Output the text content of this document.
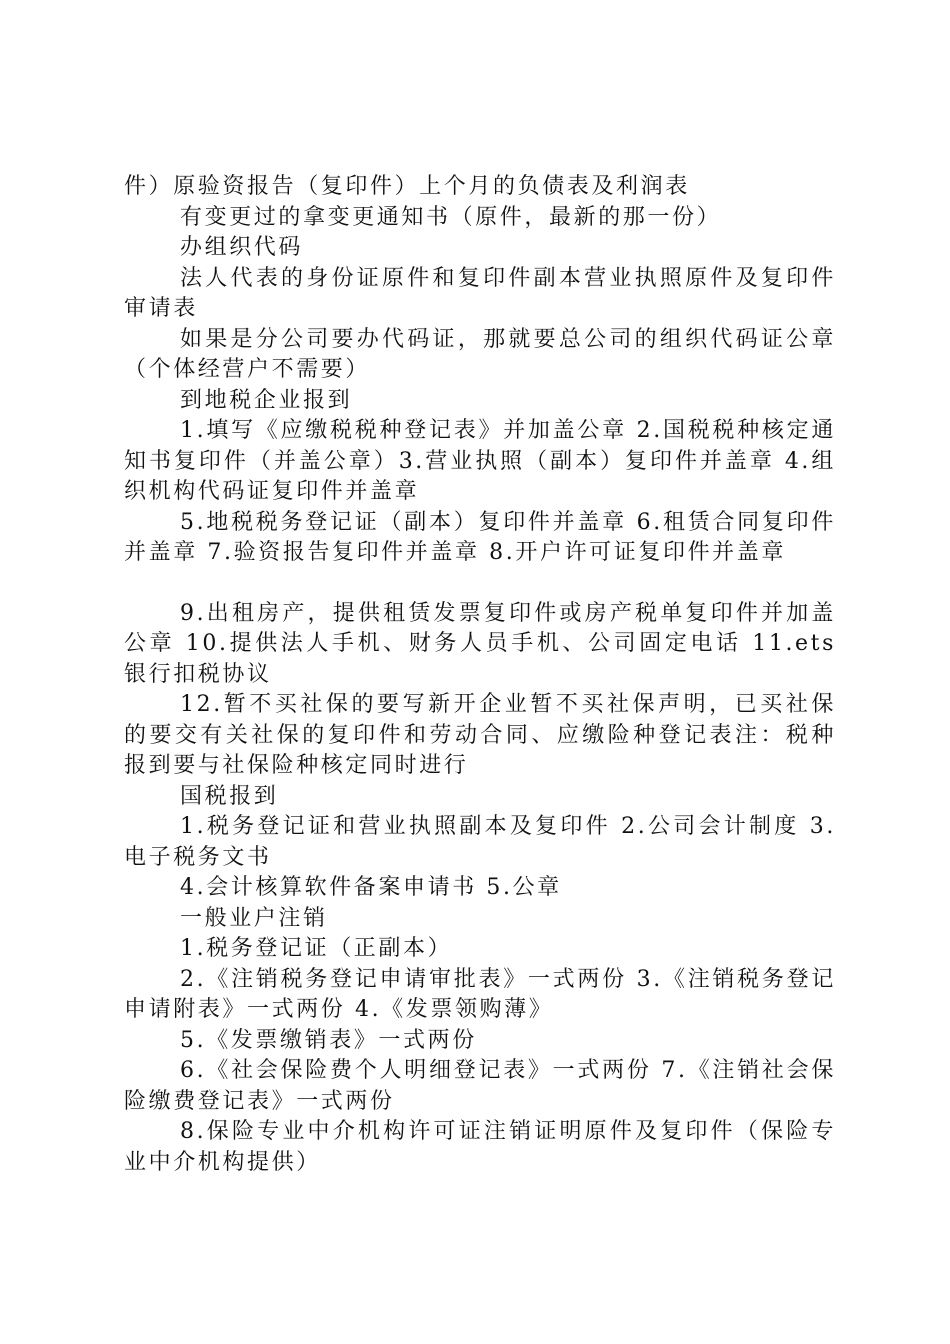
件）原验资报告（复印件）上个月的负债表及利润表

有变更过的拿变更通知书（原件，最新的那一份）

办组织代码

法人代表的身份证原件和复印件副本营业执照原件及复印件审请表

如果是分公司要办代码证，那就要总公司的组织代码证公章（个体经营户不需要）

到地税企业报到

1.填写《应缴税税种登记表》并加盖公章 2.国税税种核定通知书复印件（并盖公章）3.营业执照（副本）复印件并盖章 4.组织机构代码证复印件并盖章

5.地税税务登记证（副本）复印件并盖章 6.租赁合同复印件并盖章 7.验资报告复印件并盖章 8.开户许可证复印件并盖章

9.出租房产，提供租赁发票复印件或房产税单复印件并加盖公章 10.提供法人手机、财务人员手机、公司固定电话 11.ets 银行扣税协议

12.暂不买社保的要写新开企业暂不买社保声明，已买社保的要交有关社保的复印件和劳动合同、应缴险种登记表注：税种报到要与社保险种核定同时进行

国税报到

1.税务登记证和营业执照副本及复印件 2.公司会计制度 3.电子税务文书

4.会计核算软件备案申请书 5.公章

一般业户注销

1.税务登记证（正副本）

2.《注销税务登记申请审批表》一式两份 3.《注销税务登记申请附表》一式两份 4.《发票领购薄》

5.《发票缴销表》一式两份

6.《社会保险费个人明细登记表》一式两份 7.《注销社会保险缴费登记表》一式两份

8.保险专业中介机构许可证注销证明原件及复印件（保险专业中介机构提供）
